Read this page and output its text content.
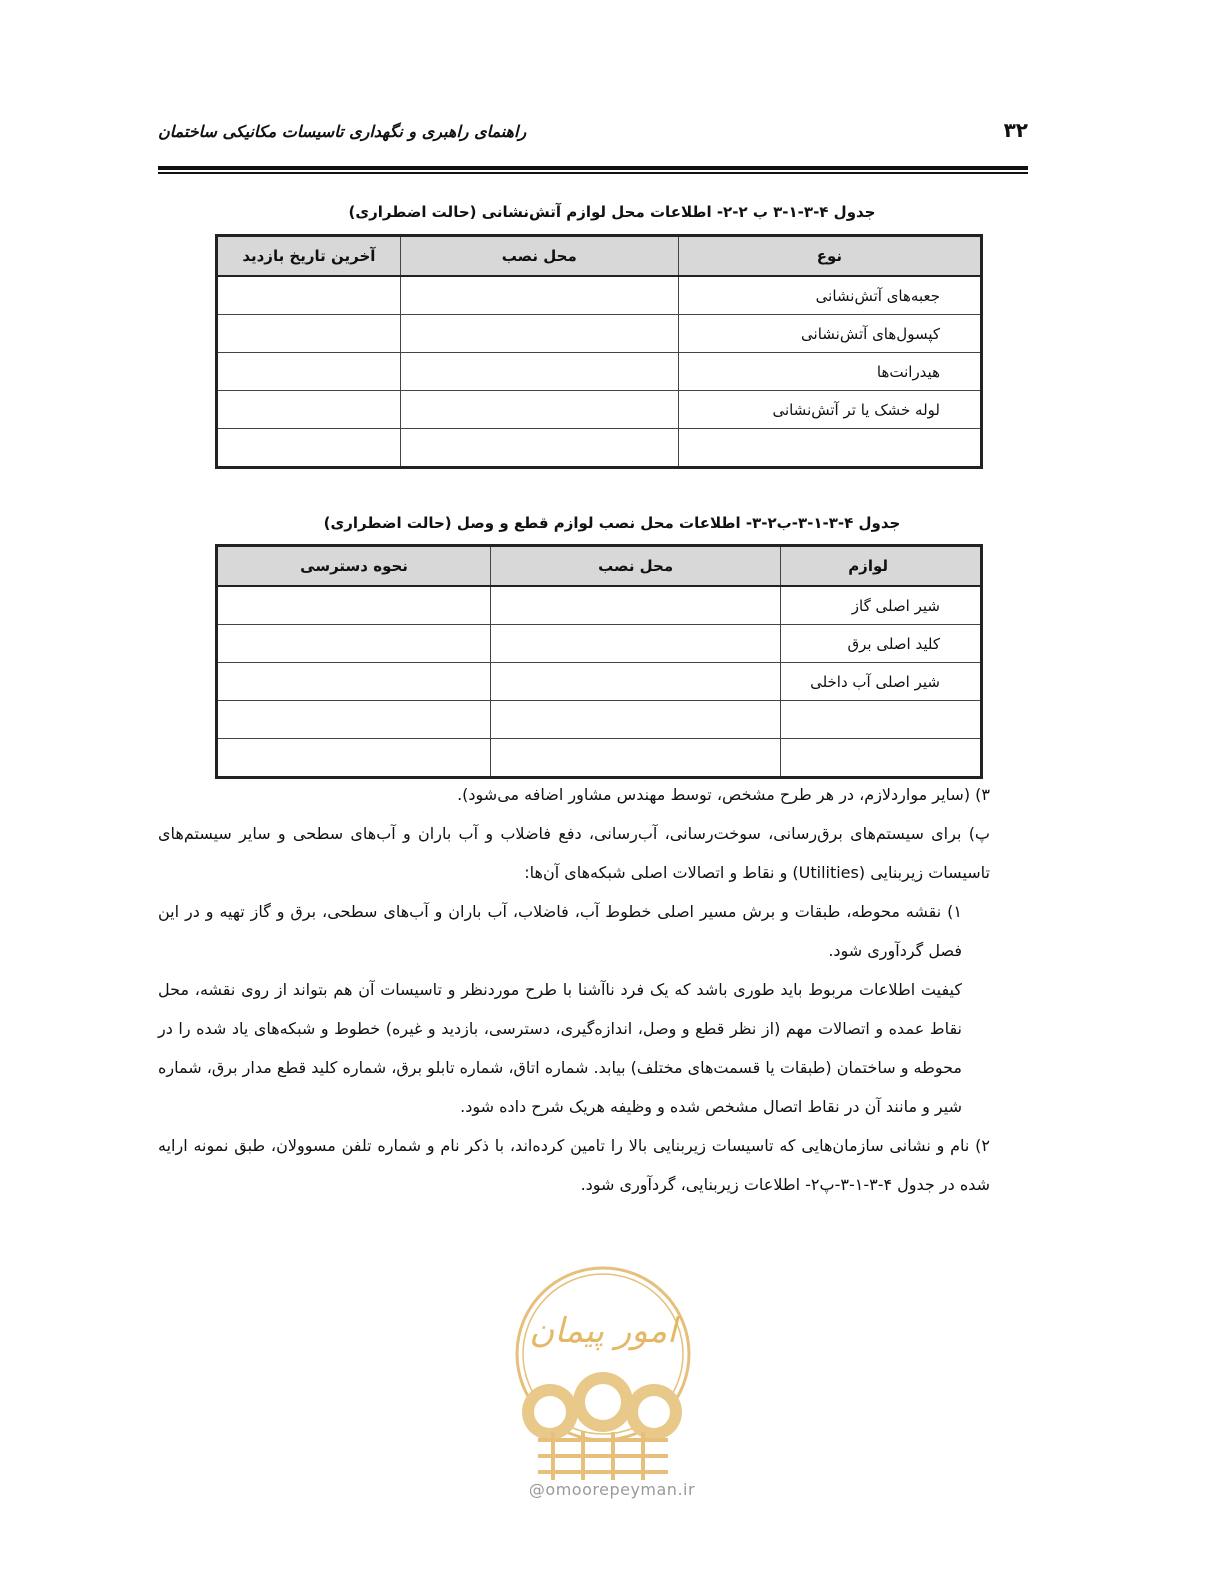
راهنمای راهبری و نگهداری تاسیسات مکانیکی ساختمان	۳۲
جدول ۴-۳-۱-۳ ب ۲-۲- اطلاعات محل لوازم آتش‌نشانی (حالت اضطراری)
نوع	محل نصب	آخرین تاریخ بازدید
جعبه‌های آتش‌نشانی		
کپسول‌های آتش‌نشانی		
هیدرانت‌ها		
لوله خشک یا تر آتش‌نشانی		

جدول ۴-۳-۱-۳-ب۲-۳- اطلاعات محل نصب لوازم قطع و وصل (حالت اضطراری)
لوازم	محل نصب	نحوه دسترسی
شیر اصلی گاز		
کلید اصلی برق		
شیر اصلی آب داخلی		

۳) (سایر مواردلازم، در هر طرح مشخص، توسط مهندس مشاور اضافه می‌شود).

پ) برای سیستم‌های برق‌رسانی، سوخت‌رسانی، آب‌رسانی، دفع فاضلاب و آب باران و آب‌های سطحی و سایر سیستم‌های تاسیسات زیربنایی (Utilities) و نقاط و اتصالات اصلی شبکه‌های آن‌ها:

۱) نقشه محوطه، طبقات و برش مسیر اصلی خطوط آب، فاضلاب، آب باران و آب‌های سطحی، برق و گاز تهیه و در این فصل گردآوری شود.

کیفیت اطلاعات مربوط باید طوری باشد که یک فرد ناآشنا با طرح موردنظر و تاسیسات آن هم بتواند از روی نقشه، محل نقاط عمده و اتصالات مهم (از نظر قطع و وصل، اندازه‌گیری، دسترسی، بازدید و غیره) خطوط و شبکه‌های یاد شده را در محوطه و ساختمان (طبقات یا قسمت‌های مختلف) بیابد. شماره اتاق، شماره تابلو برق، شماره کلید قطع مدار برق، شماره شیر و مانند آن در نقاط اتصال مشخص شده و وظیفه هریک شرح داده شود.

۲) نام و نشانی سازمان‌هایی که تاسیسات زیربنایی بالا را تامین کرده‌اند، با ذکر نام و شماره تلفن مسوولان، طبق نمونه ارایه شده در جدول ۴-۳-۱-۳-پ۲- اطلاعات زیربنایی، گردآوری شود.

امور پیمان
@omoorepeyman.ir
